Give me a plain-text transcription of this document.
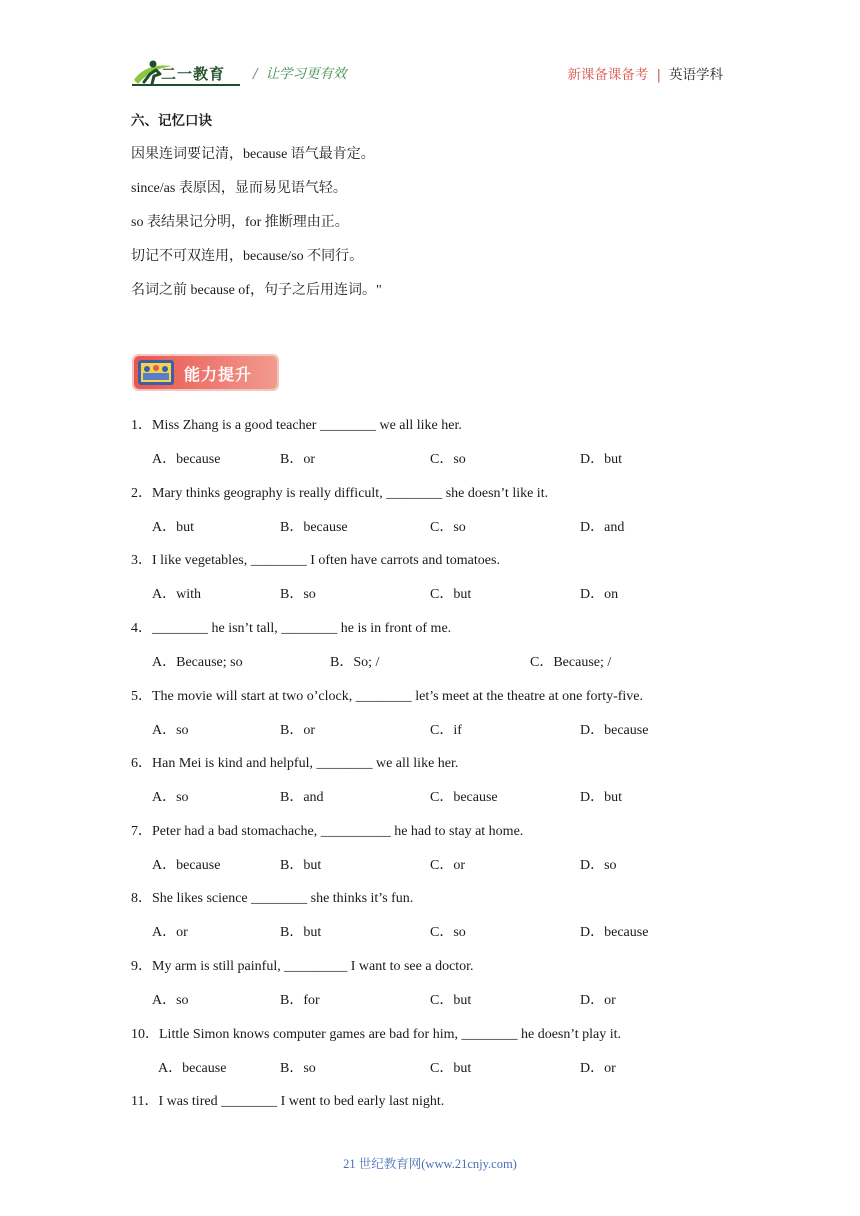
二一教育 / 让学习更有效	新课备课备考 | 英语学科
六、记忆口诀
因果连词要记清，because 语气最肯定。
since/as 表原因，显而易见语气轻。
so 表结果记分明，for 推断理由正。
切记不可双连用，because/so 不同行。
名词之前 because of，句子之后用连词。"
能力提升
1．Miss Zhang is a good teacher ________ we all like her.
A．because	B．or	C．so	D．but
2．Mary thinks geography is really difficult, ________ she doesn’t like it.
A．but	B．because	C．so	D．and
3．I like vegetables, ________ I often have carrots and tomatoes.
A．with	B．so	C．but	D．on
4．________ he isn’t tall, ________ he is in front of me.
A．Because; so	B．So; /	C．Because; /
5．The movie will start at two o’clock, ________ let’s meet at the theatre at one forty-five.
A．so	B．or	C．if	D．because
6．Han Mei is kind and helpful, ________ we all like her.
A．so	B．and	C．because	D．but
7．Peter had a bad stomachache, __________ he had to stay at home.
A．because	B．but	C．or	D．so
8．She likes science ________ she thinks it’s fun.
A．or	B．but	C．so	D．because
9．My arm is still painful, _________ I want to see a doctor.
A．so	B．for	C．but	D．or
10．Little Simon knows computer games are bad for him, ________ he doesn’t play it.
A．because	B．so	C．but	D．or
11．I was tired ________ I went to bed early last night.
21 世纪教育网(www.21cnjy.com)
